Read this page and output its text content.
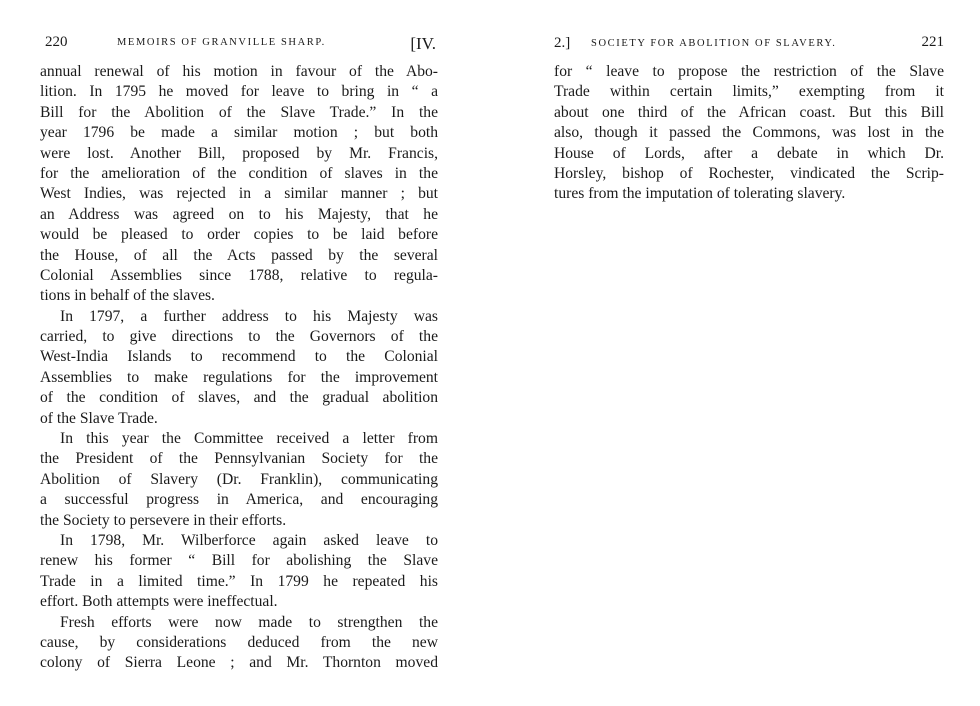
220	MEMOIRS OF GRANVILLE SHARP.	[IV.
annual renewal of his motion in favour of the Abo-
lition. In 1795 he moved for leave to bring in “ a
Bill for the Abolition of the Slave Trade.” In the
year 1796 be made a similar motion ; but both
were lost. Another Bill, proposed by Mr. Francis,
for the amelioration of the condition of slaves in the
West Indies, was rejected in a similar manner ; but
an Address was agreed on to his Majesty, that he
would be pleased to order copies to be laid before
the House, of all the Acts passed by the several
Colonial Assemblies since 1788, relative to regula-
tions in behalf of the slaves.
In 1797, a further address to his Majesty was
carried, to give directions to the Governors of the
West-India Islands to recommend to the Colonial
Assemblies to make regulations for the improvement
of the condition of slaves, and the gradual abolition
of the Slave Trade.
In this year the Committee received a letter from
the President of the Pennsylvanian Society for the
Abolition of Slavery (Dr. Franklin), communicating
a successful progress in America, and encouraging
the Society to persevere in their efforts.
In 1798, Mr. Wilberforce again asked leave to
renew his former “ Bill for abolishing the Slave
Trade in a limited time.” In 1799 he repeated his
effort. Both attempts were ineffectual.
Fresh efforts were now made to strengthen the
cause, by considerations deduced from the new
colony of Sierra Leone ; and Mr. Thornton moved
2.] SOCIETY FOR ABOLITION OF SLAVERY.	221
for “ leave to propose the restriction of the Slave
Trade within certain limits,” exempting from it
about one third of the African coast. But this Bill
also, though it passed the Commons, was lost in the
House of Lords, after a debate in which Dr.
Horsley, bishop of Rochester, vindicated the Scrip-
tures from the imputation of tolerating slavery.
